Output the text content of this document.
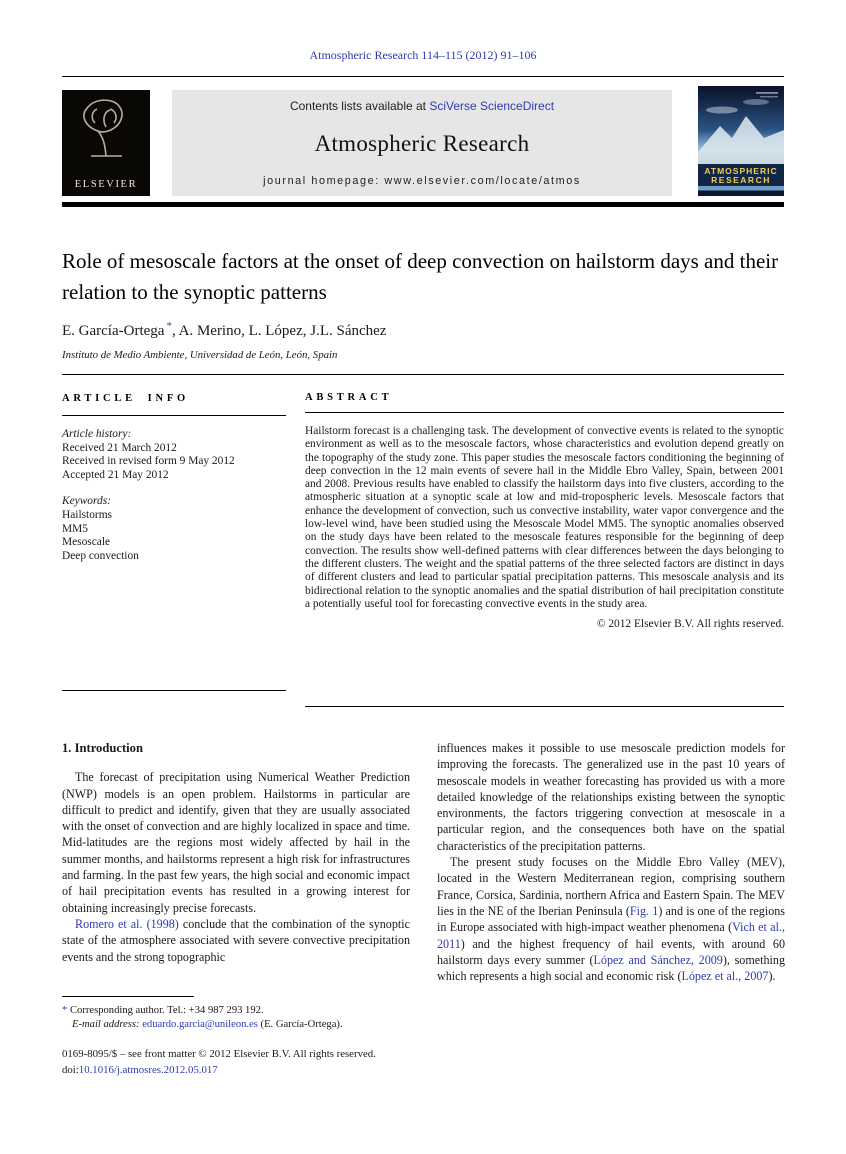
Atmospheric Research 114–115 (2012) 91–106
ELSEVIER
Contents lists available at SciVerse ScienceDirect
Atmospheric Research
journal homepage: www.elsevier.com/locate/atmos
ATMOSPHERIC
RESEARCH
Role of mesoscale factors at the onset of deep convection on hailstorm days and their relation to the synoptic patterns
E. García-Ortega *, A. Merino, L. López, J.L. Sánchez
Instituto de Medio Ambiente, Universidad de León, León, Spain
ARTICLE INFO
Article history:
Received 21 March 2012
Received in revised form 9 May 2012
Accepted 21 May 2012
Keywords:
Hailstorms
MM5
Mesoscale
Deep convection
ABSTRACT
Hailstorm forecast is a challenging task. The development of convective events is related to the synoptic environment as well as to the mesoscale factors, whose characteristics and evolution depend greatly on the topography of the study zone. This paper studies the mesoscale factors conditioning the beginning of deep convection in the 12 main events of severe hail in the Middle Ebro Valley, Spain, between 2001 and 2008. Previous results have enabled to classify the hailstorm days into five clusters, according to the atmospheric situation at a synoptic scale at low and mid-tropospheric levels. Mesoscale factors that enhance the development of convection, such us convective instability, water vapor convergence and the low-level wind, have been studied using the Mesoscale Model MM5. The synoptic anomalies observed on the study days have been related to the mesoscale features responsible for the beginning of deep convection. The results show well-defined patterns with clear differences between the days belonging to the different clusters. The weight and the spatial patterns of the three selected factors are distinct in days of different clusters and lead to particular spatial precipitation patterns. This mesoscale analysis and its bidirectional relation to the synoptic anomalies and the spatial distribution of hail precipitation constitute a potentially useful tool for forecasting convective events in the study area.
© 2012 Elsevier B.V. All rights reserved.
1. Introduction

The forecast of precipitation using Numerical Weather Prediction (NWP) models is an open problem. Hailstorms in particular are difficult to predict and identify, given that they are usually associated with the onset of convection and are highly localized in space and time. Mid-latitudes are the regions most widely affected by hail in the summer months, and hailstorms represent a high risk for infrastructures and farming. In the past few years, the high social and economic impact of hail precipitation events has resulted in a growing interest for obtaining increasingly precise forecasts.

Romero et al. (1998) conclude that the combination of the synoptic state of the atmosphere associated with severe convective precipitation events and the strong topographic

influences makes it possible to use mesoscale prediction models for improving the forecasts. The generalized use in the past 10 years of mesoscale models in weather forecasting has provided us with a more detailed knowledge of the relationships existing between the synoptic environments, the factors triggering convection at mesoscale in a particular region, and the consequences both have on the spatial characteristics of the precipitation patterns.

The present study focuses on the Middle Ebro Valley (MEV), located in the Western Mediterranean region, comprising southern France, Corsica, Sardinia, northern Africa and Eastern Spain. The MEV lies in the NE of the Iberian Peninsula (Fig. 1) and is one of the regions in Europe associated with high-impact weather phenomena (Vich et al., 2011) and the highest frequency of hail events, with around 60 hailstorm days every summer (López and Sánchez, 2009), something which represents a high social and economic risk (López et al., 2007).

* Corresponding author. Tel.: +34 987 293 192.
E-mail address: eduardo.garcia@unileon.es (E. García-Ortega).
0169-8095/$ – see front matter © 2012 Elsevier B.V. All rights reserved.
doi:10.1016/j.atmosres.2012.05.017
